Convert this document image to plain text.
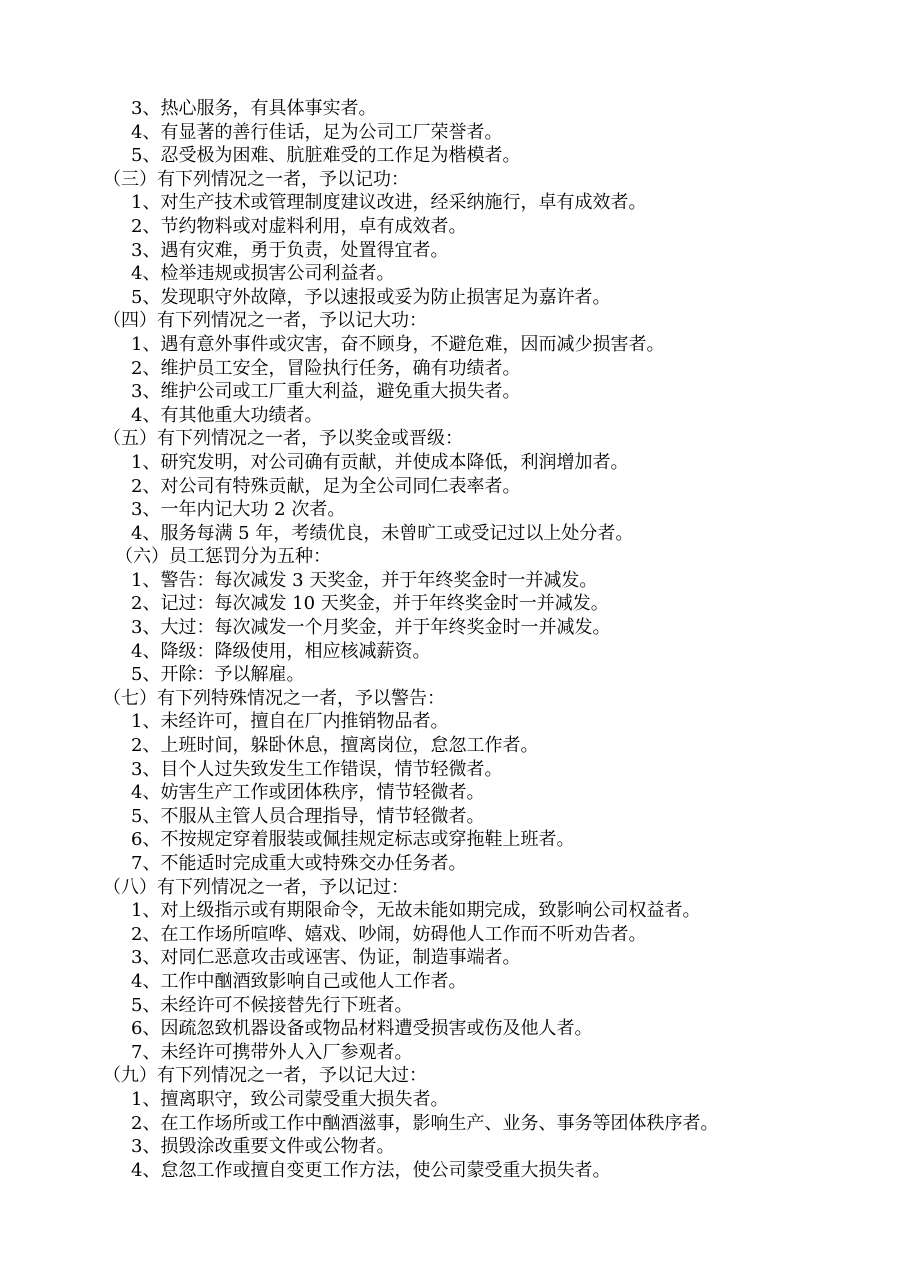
3、热心服务，有具体事实者。
4、有显著的善行佳话，足为公司工厂荣誉者。
5、忍受极为困难、肮脏难受的工作足为楷模者。
（三）有下列情况之一者，予以记功：
1、对生产技术或管理制度建议改进，经采纳施行，卓有成效者。
2、节约物料或对虚料利用，卓有成效者。
3、遇有灾难，勇于负责，处置得宜者。
4、检举违规或损害公司利益者。
5、发现职守外故障，予以速报或妥为防止损害足为嘉许者。
（四）有下列情况之一者，予以记大功：
1、遇有意外事件或灾害，奋不顾身，不避危难，因而减少损害者。
2、维护员工安全，冒险执行任务，确有功绩者。
3、维护公司或工厂重大利益，避免重大损失者。
4、有其他重大功绩者。
（五）有下列情况之一者，予以奖金或晋级：
1、研究发明，对公司确有贡献，并使成本降低，利润增加者。
2、对公司有特殊贡献，足为全公司同仁表率者。
3、一年内记大功 2 次者。
4、服务每满 5 年，考绩优良，未曾旷工或受记过以上处分者。
（六）员工惩罚分为五种：
1、警告：每次减发 3 天奖金，并于年终奖金时一并减发。
2、记过：每次减发 10 天奖金，并于年终奖金时一并减发。
3、大过：每次减发一个月奖金，并于年终奖金时一并减发。
4、降级：降级使用，相应核减薪资。
5、开除：予以解雇。
（七）有下列特殊情况之一者，予以警告：
1、未经许可，擅自在厂内推销物品者。
2、上班时间，躲卧休息，擅离岗位，怠忽工作者。
3、目个人过失致发生工作错误，情节轻微者。
4、妨害生产工作或团体秩序，情节轻微者。
5、不服从主管人员合理指导，情节轻微者。
6、不按规定穿着服装或佩挂规定标志或穿拖鞋上班者。
7、不能适时完成重大或特殊交办任务者。
（八）有下列情况之一者，予以记过：
1、对上级指示或有期限命令，无故未能如期完成，致影响公司权益者。
2、在工作场所喧哗、嬉戏、吵闹，妨碍他人工作而不听劝告者。
3、对同仁恶意攻击或诬害、伪证，制造事端者。
4、工作中酗酒致影响自己或他人工作者。
5、未经许可不候接替先行下班者。
6、因疏忽致机器设备或物品材料遭受损害或伤及他人者。
7、未经许可携带外人入厂参观者。
（九）有下列情况之一者，予以记大过：
1、擅离职守，致公司蒙受重大损失者。
2、在工作场所或工作中酗酒滋事，影响生产、业务、事务等团体秩序者。
3、损毁涂改重要文件或公物者。
4、怠忽工作或擅自变更工作方法，使公司蒙受重大损失者。
